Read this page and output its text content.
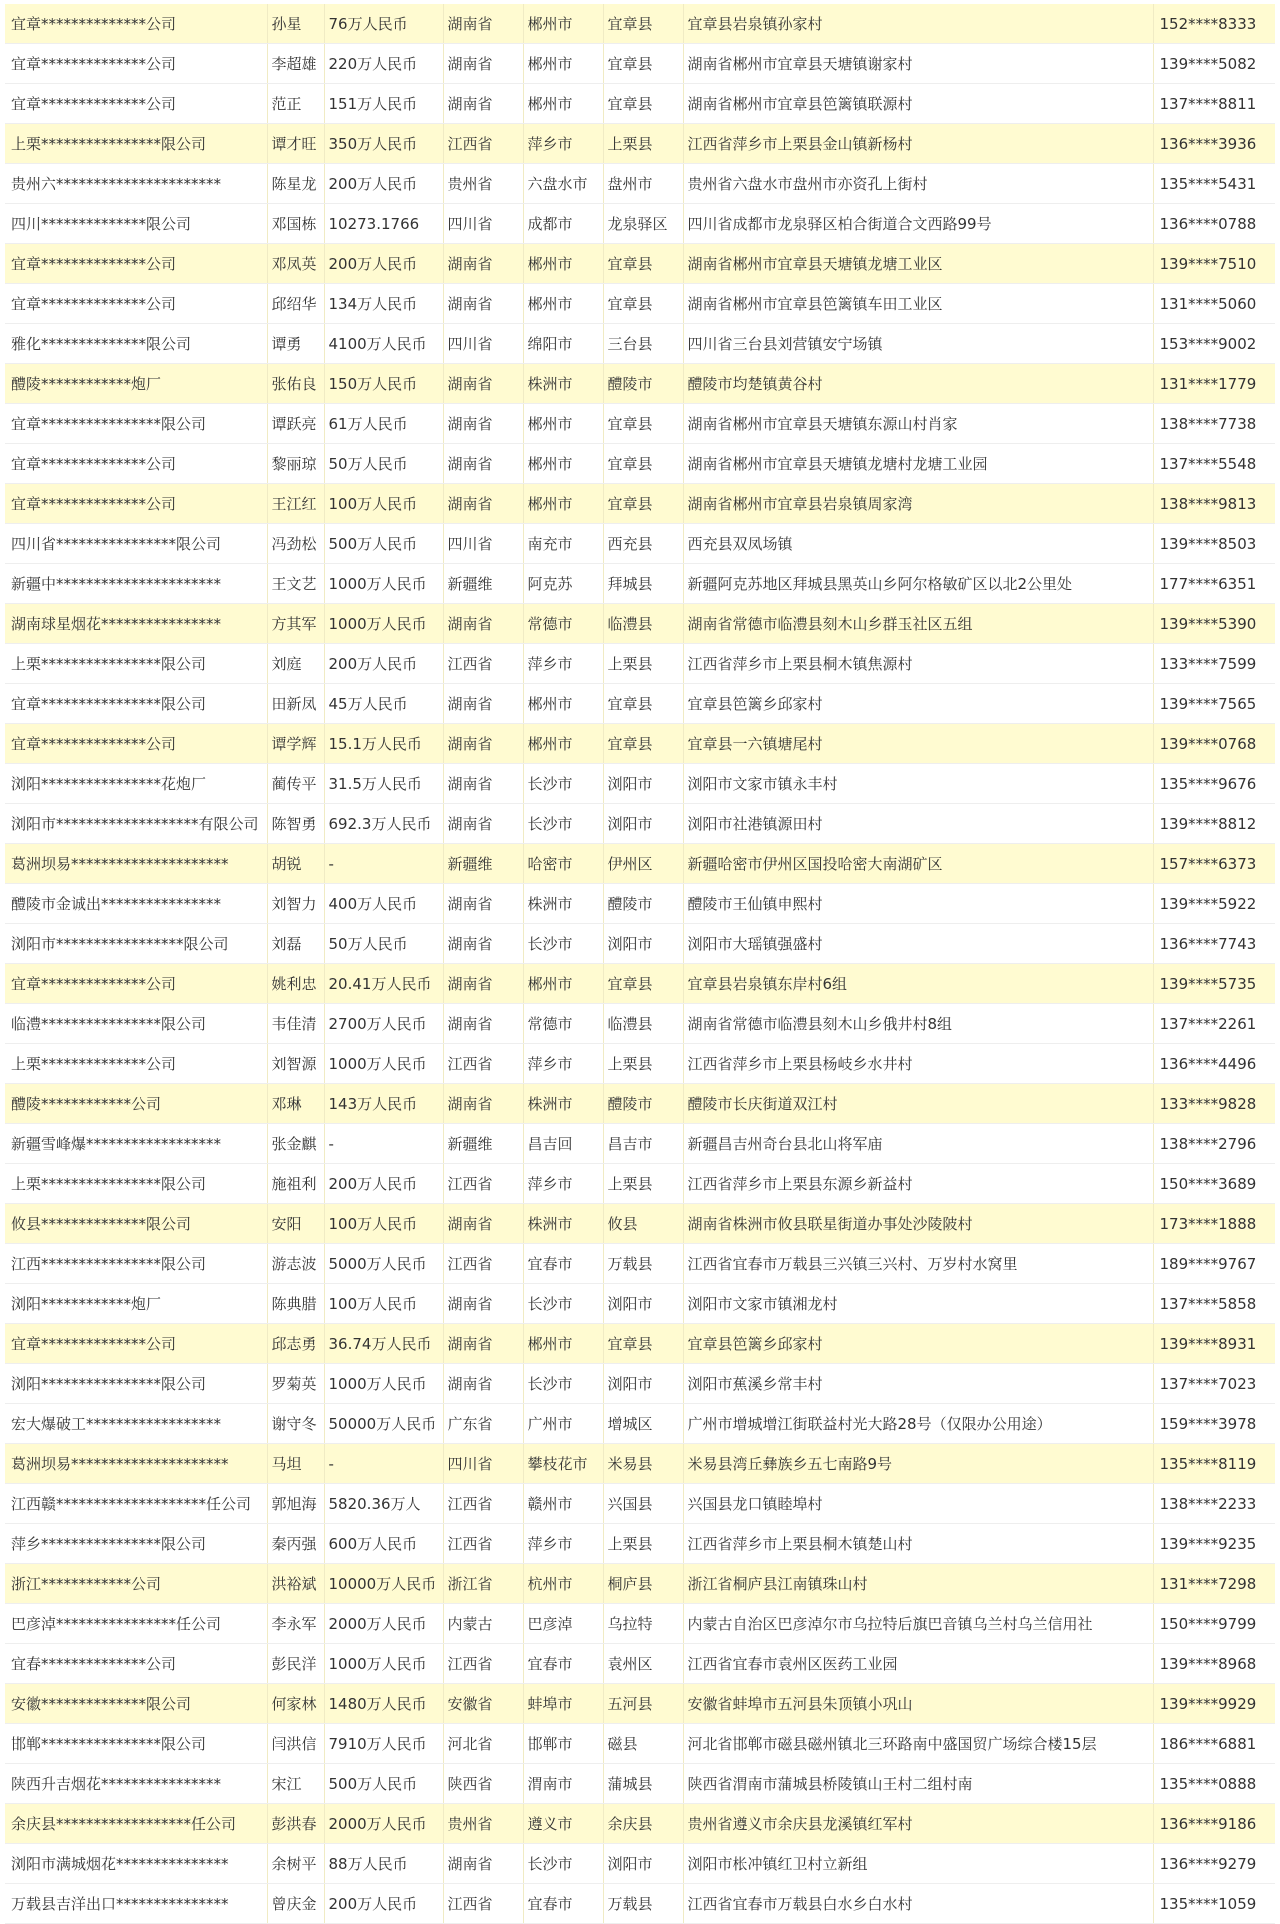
宜章**************公司	孙星	76万人民币	湖南省	郴州市	宜章县	宜章县岩泉镇孙家村	152****8333
宜章**************公司	李超雄	220万人民币	湖南省	郴州市	宜章县	湖南省郴州市宜章县天塘镇谢家村	139****5082
宜章**************公司	范正	151万人民币	湖南省	郴州市	宜章县	湖南省郴州市宜章县笆篱镇联源村	137****8811
上栗****************限公司	谭才旺	350万人民币	江西省	萍乡市	上栗县	江西省萍乡市上栗县金山镇新杨村	136****3936
贵州六**********************	陈星龙	200万人民币	贵州省	六盘水市	盘州市	贵州省六盘水市盘州市亦资孔上街村	135****5431
四川**************限公司	邓国栋	10273.1766	四川省	成都市	龙泉驿区	四川省成都市龙泉驿区柏合街道合文西路99号	136****0788
宜章**************公司	邓凤英	200万人民币	湖南省	郴州市	宜章县	湖南省郴州市宜章县天塘镇龙塘工业区	139****7510
宜章**************公司	邱绍华	134万人民币	湖南省	郴州市	宜章县	湖南省郴州市宜章县笆篱镇车田工业区	131****5060
雅化**************限公司	谭勇	4100万人民币	四川省	绵阳市	三台县	四川省三台县刘营镇安宁场镇	153****9002
醴陵************炮厂	张佑良	150万人民币	湖南省	株洲市	醴陵市	醴陵市均楚镇黄谷村	131****1779
宜章****************限公司	谭跃亮	61万人民币	湖南省	郴州市	宜章县	湖南省郴州市宜章县天塘镇东源山村肖家	138****7738
宜章**************公司	黎丽琼	50万人民币	湖南省	郴州市	宜章县	湖南省郴州市宜章县天塘镇龙塘村龙塘工业园	137****5548
宜章**************公司	王江红	100万人民币	湖南省	郴州市	宜章县	湖南省郴州市宜章县岩泉镇周家湾	138****9813
四川省****************限公司	冯劲松	500万人民币	四川省	南充市	西充县	西充县双凤场镇	139****8503
新疆中**********************	王文艺	1000万人民币	新疆维	阿克苏	拜城县	新疆阿克苏地区拜城县黑英山乡阿尔格敏矿区以北2公里处	177****6351
湖南球星烟花****************	方其军	1000万人民币	湖南省	常德市	临澧县	湖南省常德市临澧县刻木山乡群玉社区五组	139****5390
上栗****************限公司	刘庭	200万人民币	江西省	萍乡市	上栗县	江西省萍乡市上栗县桐木镇焦源村	133****7599
宜章****************限公司	田新凤	45万人民币	湖南省	郴州市	宜章县	宜章县笆篱乡邱家村	139****7565
宜章**************公司	谭学辉	15.1万人民币	湖南省	郴州市	宜章县	宜章县一六镇塘尾村	139****0768
浏阳****************花炮厂	蔺传平	31.5万人民币	湖南省	长沙市	浏阳市	浏阳市文家市镇永丰村	135****9676
浏阳市*******************有限公司	陈智勇	692.3万人民币	湖南省	长沙市	浏阳市	浏阳市社港镇源田村	139****8812
葛洲坝易*********************	胡锐	-	新疆维	哈密市	伊州区	新疆哈密市伊州区国投哈密大南湖矿区	157****6373
醴陵市金诚出****************	刘智力	400万人民币	湖南省	株洲市	醴陵市	醴陵市王仙镇申熙村	139****5922
浏阳市*****************限公司	刘磊	50万人民币	湖南省	长沙市	浏阳市	浏阳市大瑶镇强盛村	136****7743
宜章**************公司	姚利忠	20.41万人民币	湖南省	郴州市	宜章县	宜章县岩泉镇东岸村6组	139****5735
临澧****************限公司	韦佳清	2700万人民币	湖南省	常德市	临澧县	湖南省常德市临澧县刻木山乡俄井村8组	137****2261
上栗**************公司	刘智源	1000万人民币	江西省	萍乡市	上栗县	江西省萍乡市上栗县杨岐乡水井村	136****4496
醴陵************公司	邓琳	143万人民币	湖南省	株洲市	醴陵市	醴陵市长庆街道双江村	133****9828
新疆雪峰爆******************	张金麒	-	新疆维	昌吉回	昌吉市	新疆昌吉州奇台县北山将军庙	138****2796
上栗****************限公司	施祖利	200万人民币	江西省	萍乡市	上栗县	江西省萍乡市上栗县东源乡新益村	150****3689
攸县**************限公司	安阳	100万人民币	湖南省	株洲市	攸县	湖南省株洲市攸县联星街道办事处沙陵陂村	173****1888
江西****************限公司	游志波	5000万人民币	江西省	宜春市	万载县	江西省宜春市万载县三兴镇三兴村、万岁村水窝里	189****9767
浏阳************炮厂	陈典腊	100万人民币	湖南省	长沙市	浏阳市	浏阳市文家市镇湘龙村	137****5858
宜章**************公司	邱志勇	36.74万人民币	湖南省	郴州市	宜章县	宜章县笆篱乡邱家村	139****8931
浏阳****************限公司	罗菊英	1000万人民币	湖南省	长沙市	浏阳市	浏阳市蕉溪乡常丰村	137****7023
宏大爆破工******************	谢守冬	50000万人民币	广东省	广州市	增城区	广州市增城增江街联益村光大路28号（仅限办公用途）	159****3978
葛洲坝易*********************	马坦	-	四川省	攀枝花市	米易县	米易县湾丘彝族乡五七南路9号	135****8119
江西赣********************任公司	郭旭海	5820.36万人	江西省	赣州市	兴国县	兴国县龙口镇睦埠村	138****2233
萍乡****************限公司	秦丙强	600万人民币	江西省	萍乡市	上栗县	江西省萍乡市上栗县桐木镇楚山村	139****9235
浙江************公司	洪裕斌	10000万人民币	浙江省	杭州市	桐庐县	浙江省桐庐县江南镇珠山村	131****7298
巴彦淖****************任公司	李永军	2000万人民币	内蒙古	巴彦淖	乌拉特	内蒙古自治区巴彦淖尔市乌拉特后旗巴音镇乌兰村乌兰信用社	150****9799
宜春**************公司	彭民洋	1000万人民币	江西省	宜春市	袁州区	江西省宜春市袁州区医药工业园	139****8968
安徽**************限公司	何家林	1480万人民币	安徽省	蚌埠市	五河县	安徽省蚌埠市五河县朱顶镇小巩山	139****9929
邯郸****************限公司	闫洪信	7910万人民币	河北省	邯郸市	磁县	河北省邯郸市磁县磁州镇北三环路南中盛国贸广场综合楼15层	186****6881
陕西升吉烟花****************	宋江	500万人民币	陕西省	渭南市	蒲城县	陕西省渭南市蒲城县桥陵镇山王村二组村南	135****0888
余庆县******************任公司	彭洪春	2000万人民币	贵州省	遵义市	余庆县	贵州省遵义市余庆县龙溪镇红军村	136****9186
浏阳市满城烟花***************	余树平	88万人民币	湖南省	长沙市	浏阳市	浏阳市枨冲镇红卫村立新组	136****9279
万载县吉洋出口***************	曾庆金	200万人民币	江西省	宜春市	万载县	江西省宜春市万载县白水乡白水村	135****1059
